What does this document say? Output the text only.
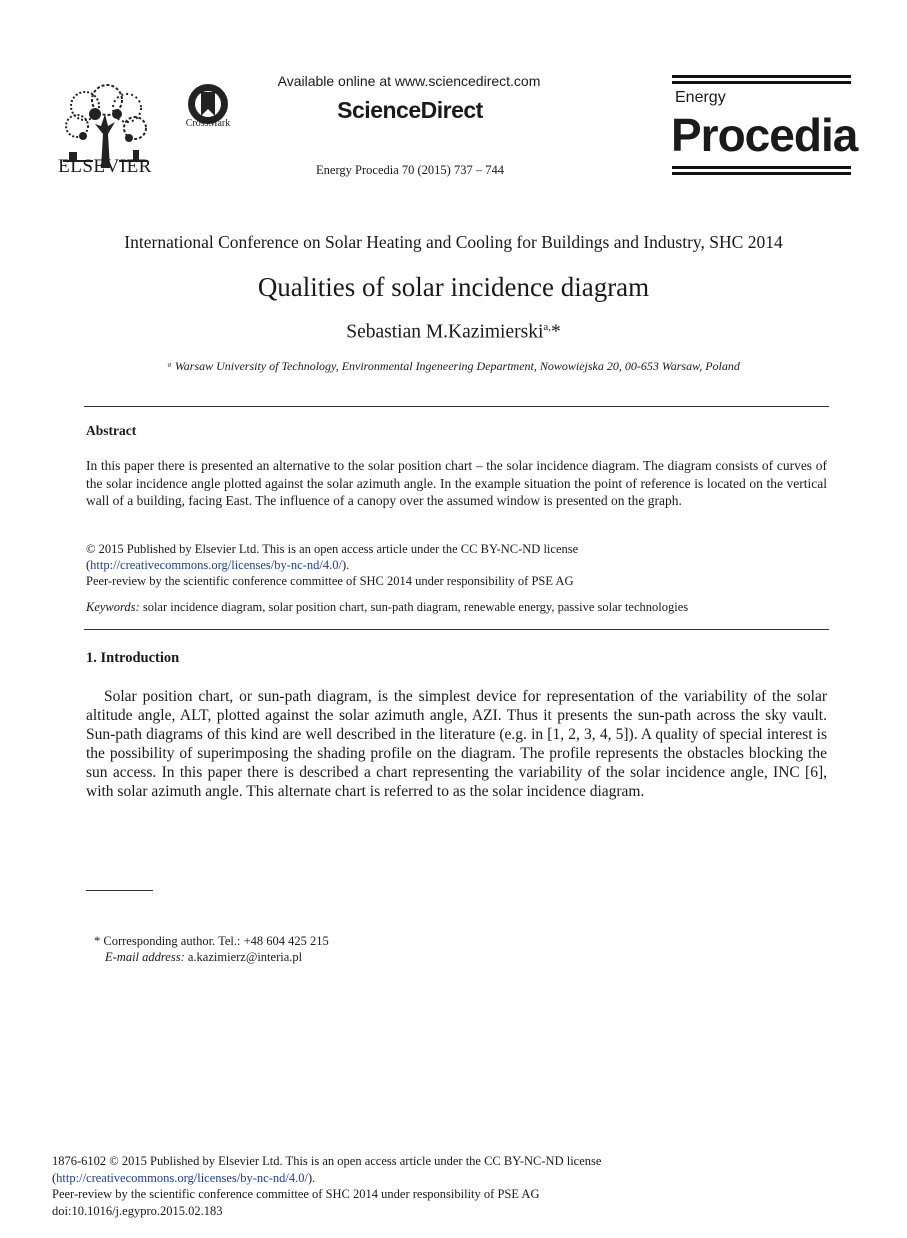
ELSEVIER
CrossMark
Available online at www.sciencedirect.com
ScienceDirect
Energy Procedia 70 (2015) 737 – 744
Energy
Procedia
International Conference on Solar Heating and Cooling for Buildings and Industry, SHC 2014
Qualities of solar incidence diagram
Sebastian M.Kazimierski$^{a,}$*
ᵃ Warsaw University of Technology, Environmental Ingeneering Department, Nowowiejska 20, 00-653 Warsaw, Poland
Abstract
In this paper there is presented an alternative to the solar position chart – the solar incidence diagram. The diagram consists of curves of the solar incidence angle plotted against the solar azimuth angle. In the example situation the point of reference is located on the vertical wall of a building, facing East. The influence of a canopy over the assumed window is presented on the graph.
© 2015 Published by Elsevier Ltd. This is an open access article under the CC BY-NC-ND license
(http://creativecommons.org/licenses/by-nc-nd/4.0/).
Peer-review by the scientific conference committee of SHC 2014 under responsibility of PSE AG
Keywords: solar incidence diagram, solar position chart, sun-path diagram, renewable energy, passive solar technologies
1. Introduction
Solar position chart, or sun-path diagram, is the simplest device for representation of the variability of the solar altitude angle, ALT, plotted against the solar azimuth angle, AZI. Thus it presents the sun-path across the sky vault. Sun-path diagrams of this kind are well described in the literature (e.g. in [1, 2, 3, 4, 5]). A quality of special interest is the possibility of superimposing the shading profile on the diagram. The profile represents the obstacles blocking the sun access. In this paper there is described a chart representing the variability of the solar incidence angle, INC [6], with solar azimuth angle. This alternate chart is referred to as the solar incidence diagram.
* Corresponding author. Tel.: +48 604 425 215
E-mail address: a.kazimierz@interia.pl
1876-6102 © 2015 Published by Elsevier Ltd. This is an open access article under the CC BY-NC-ND license
(http://creativecommons.org/licenses/by-nc-nd/4.0/).
Peer-review by the scientific conference committee of SHC 2014 under responsibility of PSE AG
doi:10.1016/j.egypro.2015.02.183
